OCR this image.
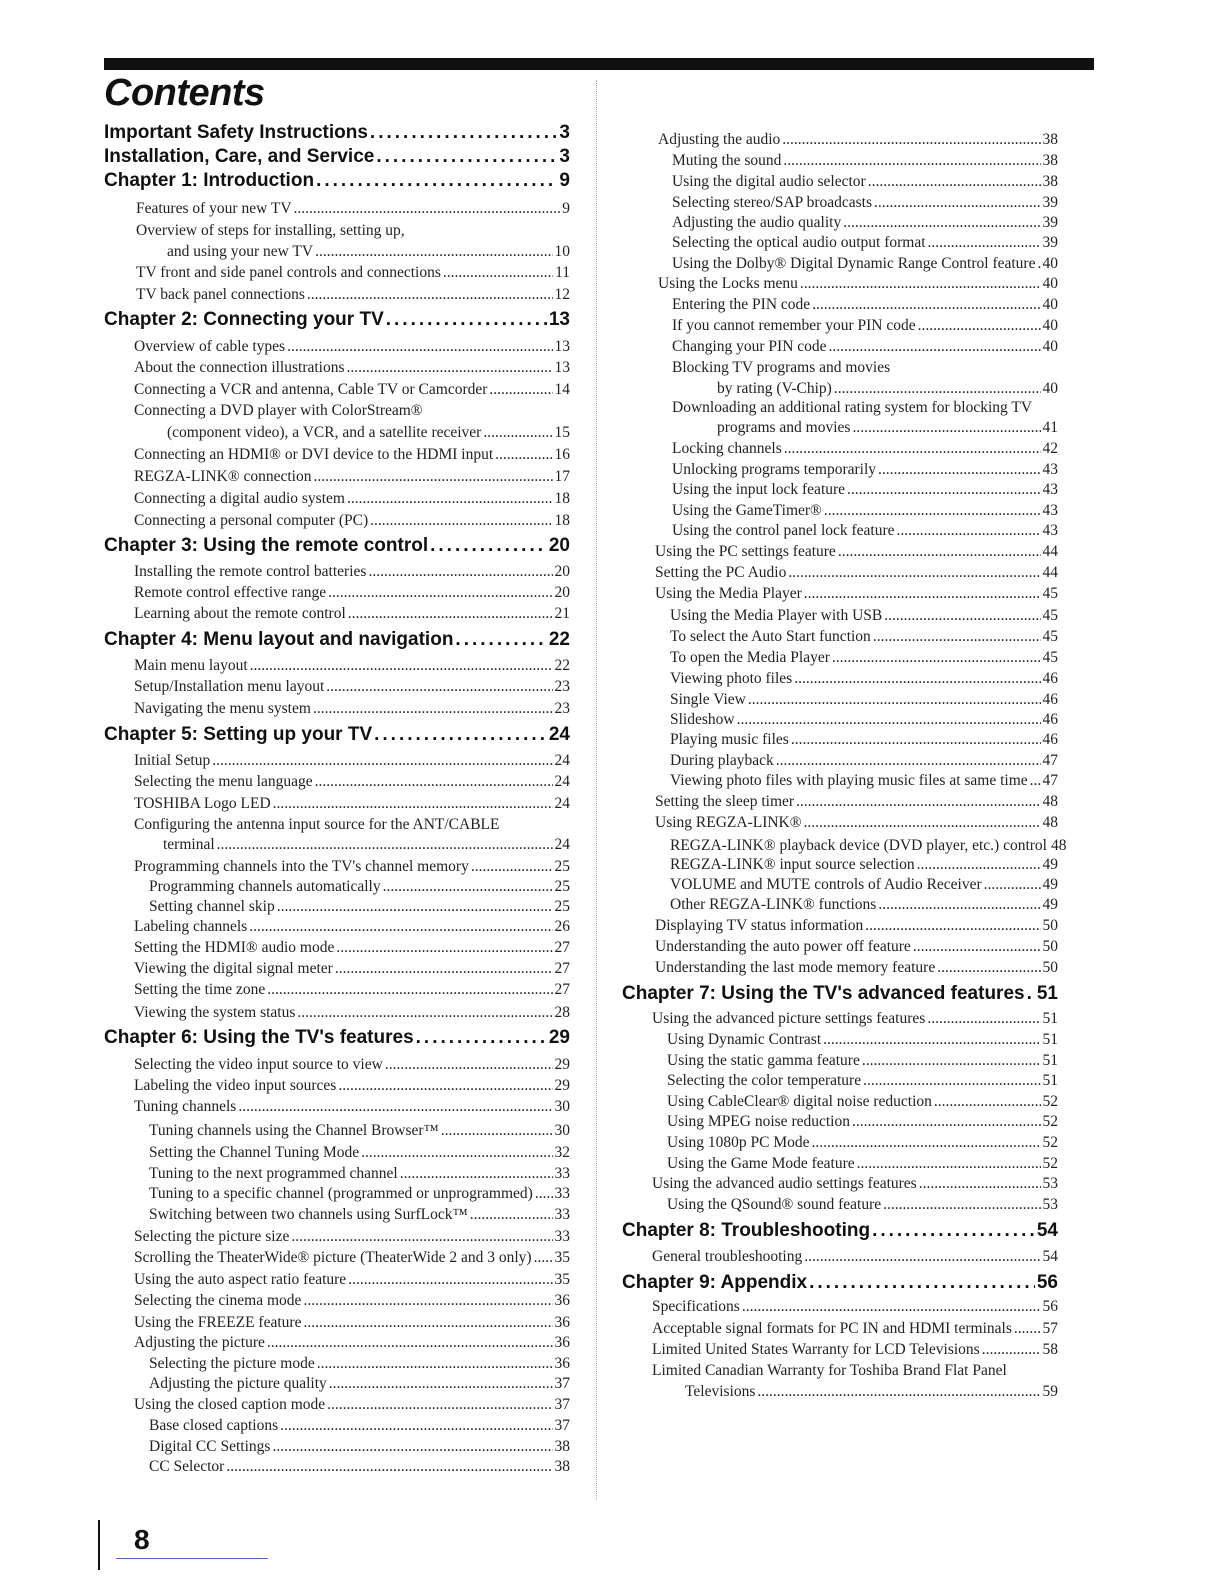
Contents
Important Safety Instructions .....	3
Installation, Care, and Service .....	3
Chapter 1: Introduction .....	9
Features of your new TV .....	9
Overview of steps for installing, setting up,
and using your new TV .....	10
TV front and side panel controls and connections .....	11
TV back panel connections .....	12
Chapter 2: Connecting your TV .....	13
Overview of cable types .....	13
About the connection illustrations .....	13
Connecting a VCR and antenna, Cable TV or Camcorder .....	14
Connecting a DVD player with ColorStream®
(component video), a VCR, and a satellite receiver .....	15
Connecting an HDMI® or DVI device to the HDMI input .....	16
REGZA-LINK® connection .....	17
Connecting a digital audio system .....	18
Connecting a personal computer (PC) .....	18
Chapter 3: Using the remote control .....	20
Installing the remote control batteries .....	20
Remote control effective range .....	20
Learning about the remote control .....	21
Chapter 4: Menu layout and navigation .....	22
Main menu layout .....	22
Setup/Installation menu layout .....	23
Navigating the menu system .....	23
Chapter 5: Setting up your TV .....	24
Initial Setup .....	24
Selecting the menu language .....	24
TOSHIBA Logo LED .....	24
Configuring the antenna input source for the ANT/CABLE
terminal .....	24
Programming channels into the TV's channel memory .....	25
Programming channels automatically .....	25
Setting channel skip .....	25
Labeling channels .....	26
Setting the HDMI® audio mode .....	27
Viewing the digital signal meter .....	27
Setting the time zone .....	27
Viewing the system status .....	28
Chapter 6: Using the TV's features .....	29
Selecting the video input source to view .....	29
Labeling the video input sources .....	29
Tuning channels .....	30
Tuning channels using the Channel Browser™ .....	30
Setting the Channel Tuning Mode .....	32
Tuning to the next programmed channel .....	33
Tuning to a specific channel (programmed or unprogrammed) ..... 33
Switching between two channels using SurfLock™ .....	33
Selecting the picture size .....	33
Scrolling the TheaterWide® picture (TheaterWide 2 and 3 only) ..... 35
Using the auto aspect ratio feature .....	35
Selecting the cinema mode .....	36
Using the FREEZE feature .....	36
Adjusting the picture .....	36
Selecting the picture mode .....	36
Adjusting the picture quality .....	37
Using the closed caption mode .....	37
Base closed captions .....	37
Digital CC Settings .....	38
CC Selector .....	38
Adjusting the audio .....	38
Muting the sound .....	38
Using the digital audio selector .....	38
Selecting stereo/SAP broadcasts .....	39
Adjusting the audio quality .....	39
Selecting the optical audio output format .....	39
Using the Dolby® Digital Dynamic Range Control feature ..... 40
Using the Locks menu .....	40
Entering the PIN code .....	40
If you cannot remember your PIN code .....	40
Changing your PIN code .....	40
Blocking TV programs and movies
by rating (V-Chip) .....	40
Downloading an additional rating system for blocking TV
programs and movies .....	41
Locking channels .....	42
Unlocking programs temporarily .....	43
Using the input lock feature .....	43
Using the GameTimer® .....	43
Using the control panel lock feature .....	43
Using the PC settings feature .....	44
Setting the PC Audio .....	44
Using the Media Player .....	45
Using the Media Player with USB .....	45
To select the Auto Start function .....	45
To open the Media Player .....	45
Viewing photo files .....	46
Single View .....	46
Slideshow .....	46
Playing music files .....	46
During playback .....	47
Viewing photo files with playing music files at same time ..... 47
Setting the sleep timer .....	48
Using REGZA-LINK® .....	48
REGZA-LINK® playback device (DVD player, etc.) control 48
REGZA-LINK® input source selection .....	49
VOLUME and MUTE controls of Audio Receiver .....	49
Other REGZA-LINK® functions .....	49
Displaying TV status information .....	50
Understanding the auto power off feature .....	50
Understanding the last mode memory feature .....	50
Chapter 7: Using the TV's advanced features ..... 51
Using the advanced picture settings features .....	51
Using Dynamic Contrast .....	51
Using the static gamma feature .....	51
Selecting the color temperature .....	51
Using CableClear® digital noise reduction .....	52
Using MPEG noise reduction .....	52
Using 1080p PC Mode .....	52
Using the Game Mode feature .....	52
Using the advanced audio settings features .....	53
Using the QSound® sound feature .....	53
Chapter 8: Troubleshooting .....	54
General troubleshooting .....	54
Chapter 9: Appendix .....	56
Specifications .....	56
Acceptable signal formats for PC IN and HDMI terminals ..... 57
Limited United States Warranty for LCD Televisions .....	58
Limited Canadian Warranty for Toshiba Brand Flat Panel
Televisions .....	59
8
